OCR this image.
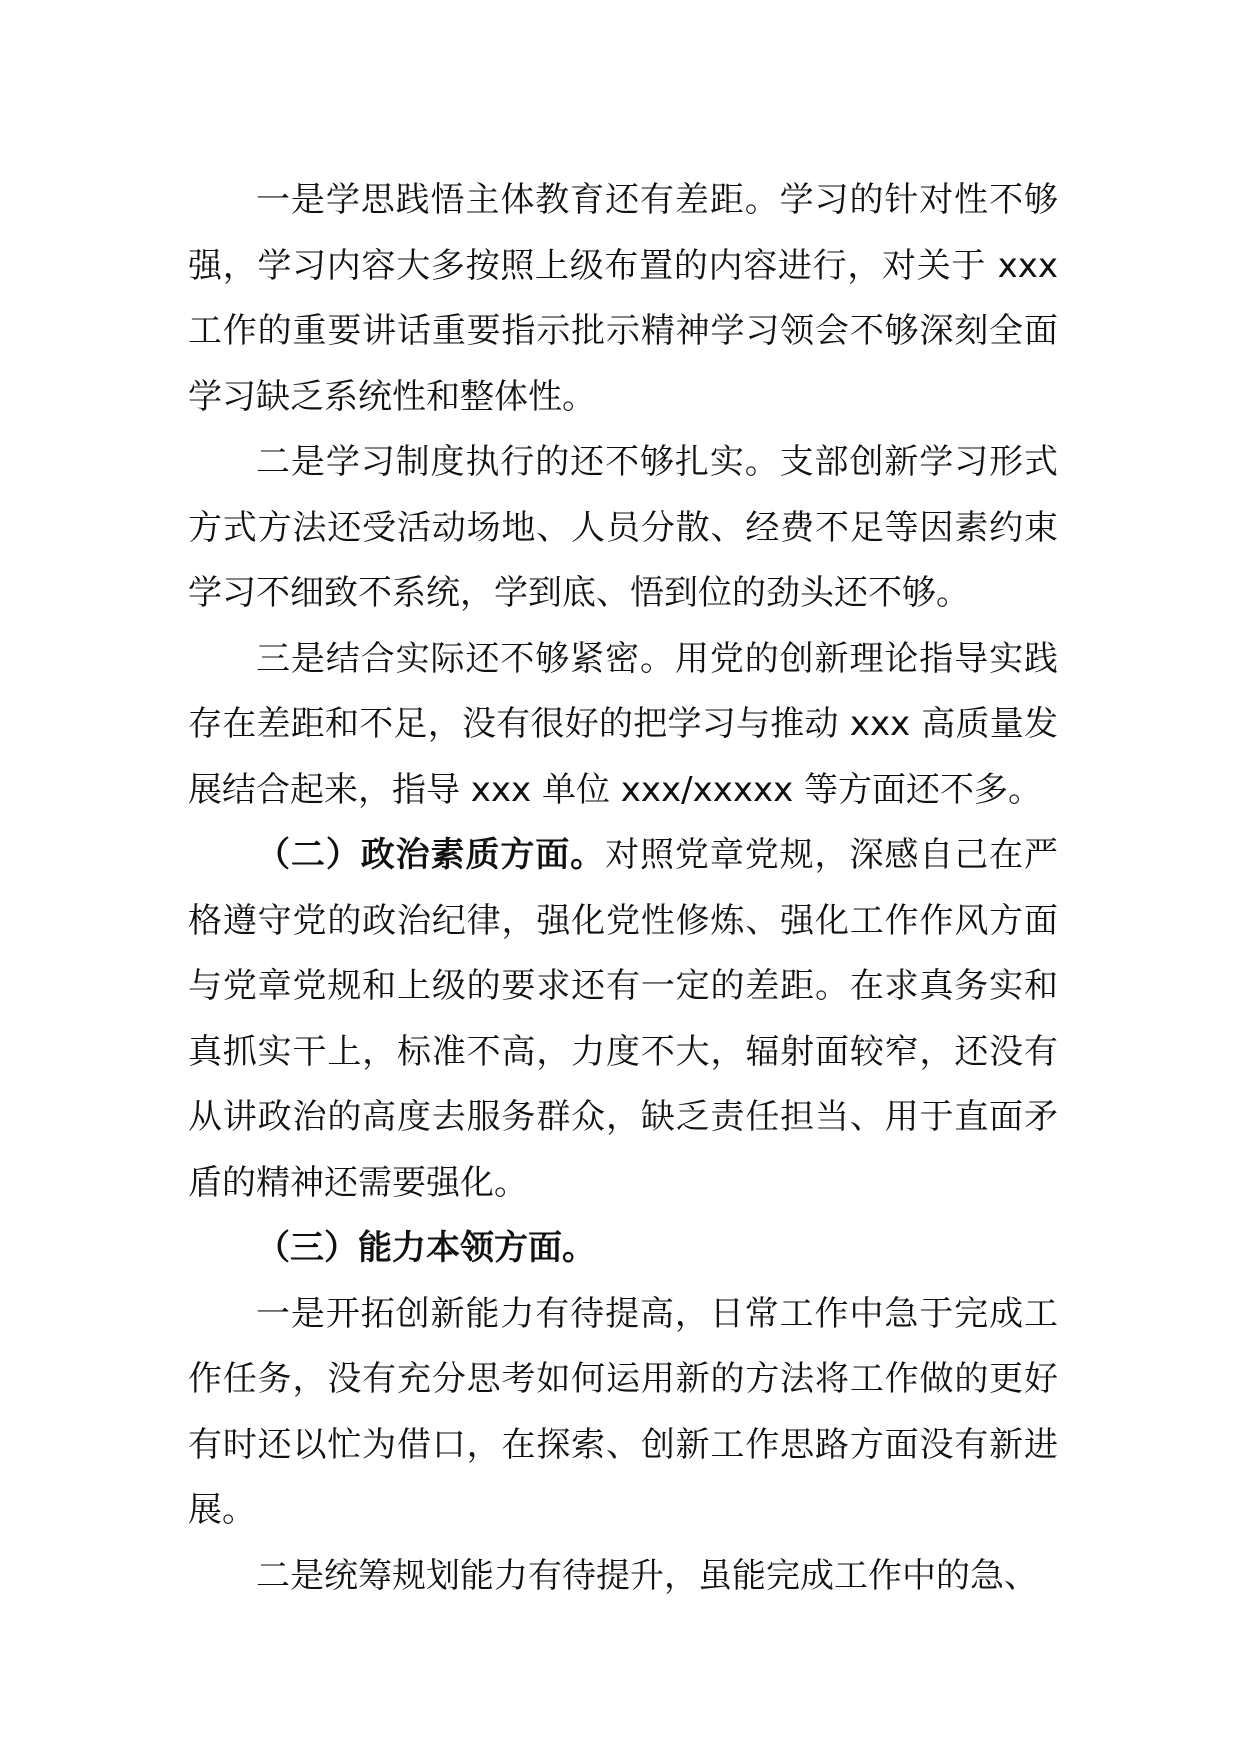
一是学思践悟主体教育还有差距。学习的针对性不够强，学习内容大多按照上级布置的内容进行，对关于 xxx 工作的重要讲话重要指示批示精神学习领会不够深刻全面学习缺乏系统性和整体性。

二是学习制度执行的还不够扎实。支部创新学习形式方式方法还受活动场地、人员分散、经费不足等因素约束学习不细致不系统，学到底、悟到位的劲头还不够。

三是结合实际还不够紧密。用党的创新理论指导实践存在差距和不足，没有很好的把学习与推动 xxx 高质量发展结合起来，指导 xxx 单位 xxx/xxxxx 等方面还不多。

（二）政治素质方面。对照党章党规，深感自己在严格遵守党的政治纪律，强化党性修炼、强化工作作风方面与党章党规和上级的要求还有一定的差距。在求真务实和真抓实干上，标准不高，力度不大，辐射面较窄，还没有从讲政治的高度去服务群众，缺乏责任担当、用于直面矛盾的精神还需要强化。

（三）能力本领方面。

一是开拓创新能力有待提高，日常工作中急于完成工作任务，没有充分思考如何运用新的方法将工作做的更好有时还以忙为借口，在探索、创新工作思路方面没有新进展。

二是统筹规划能力有待提升，虽能完成工作中的急、
